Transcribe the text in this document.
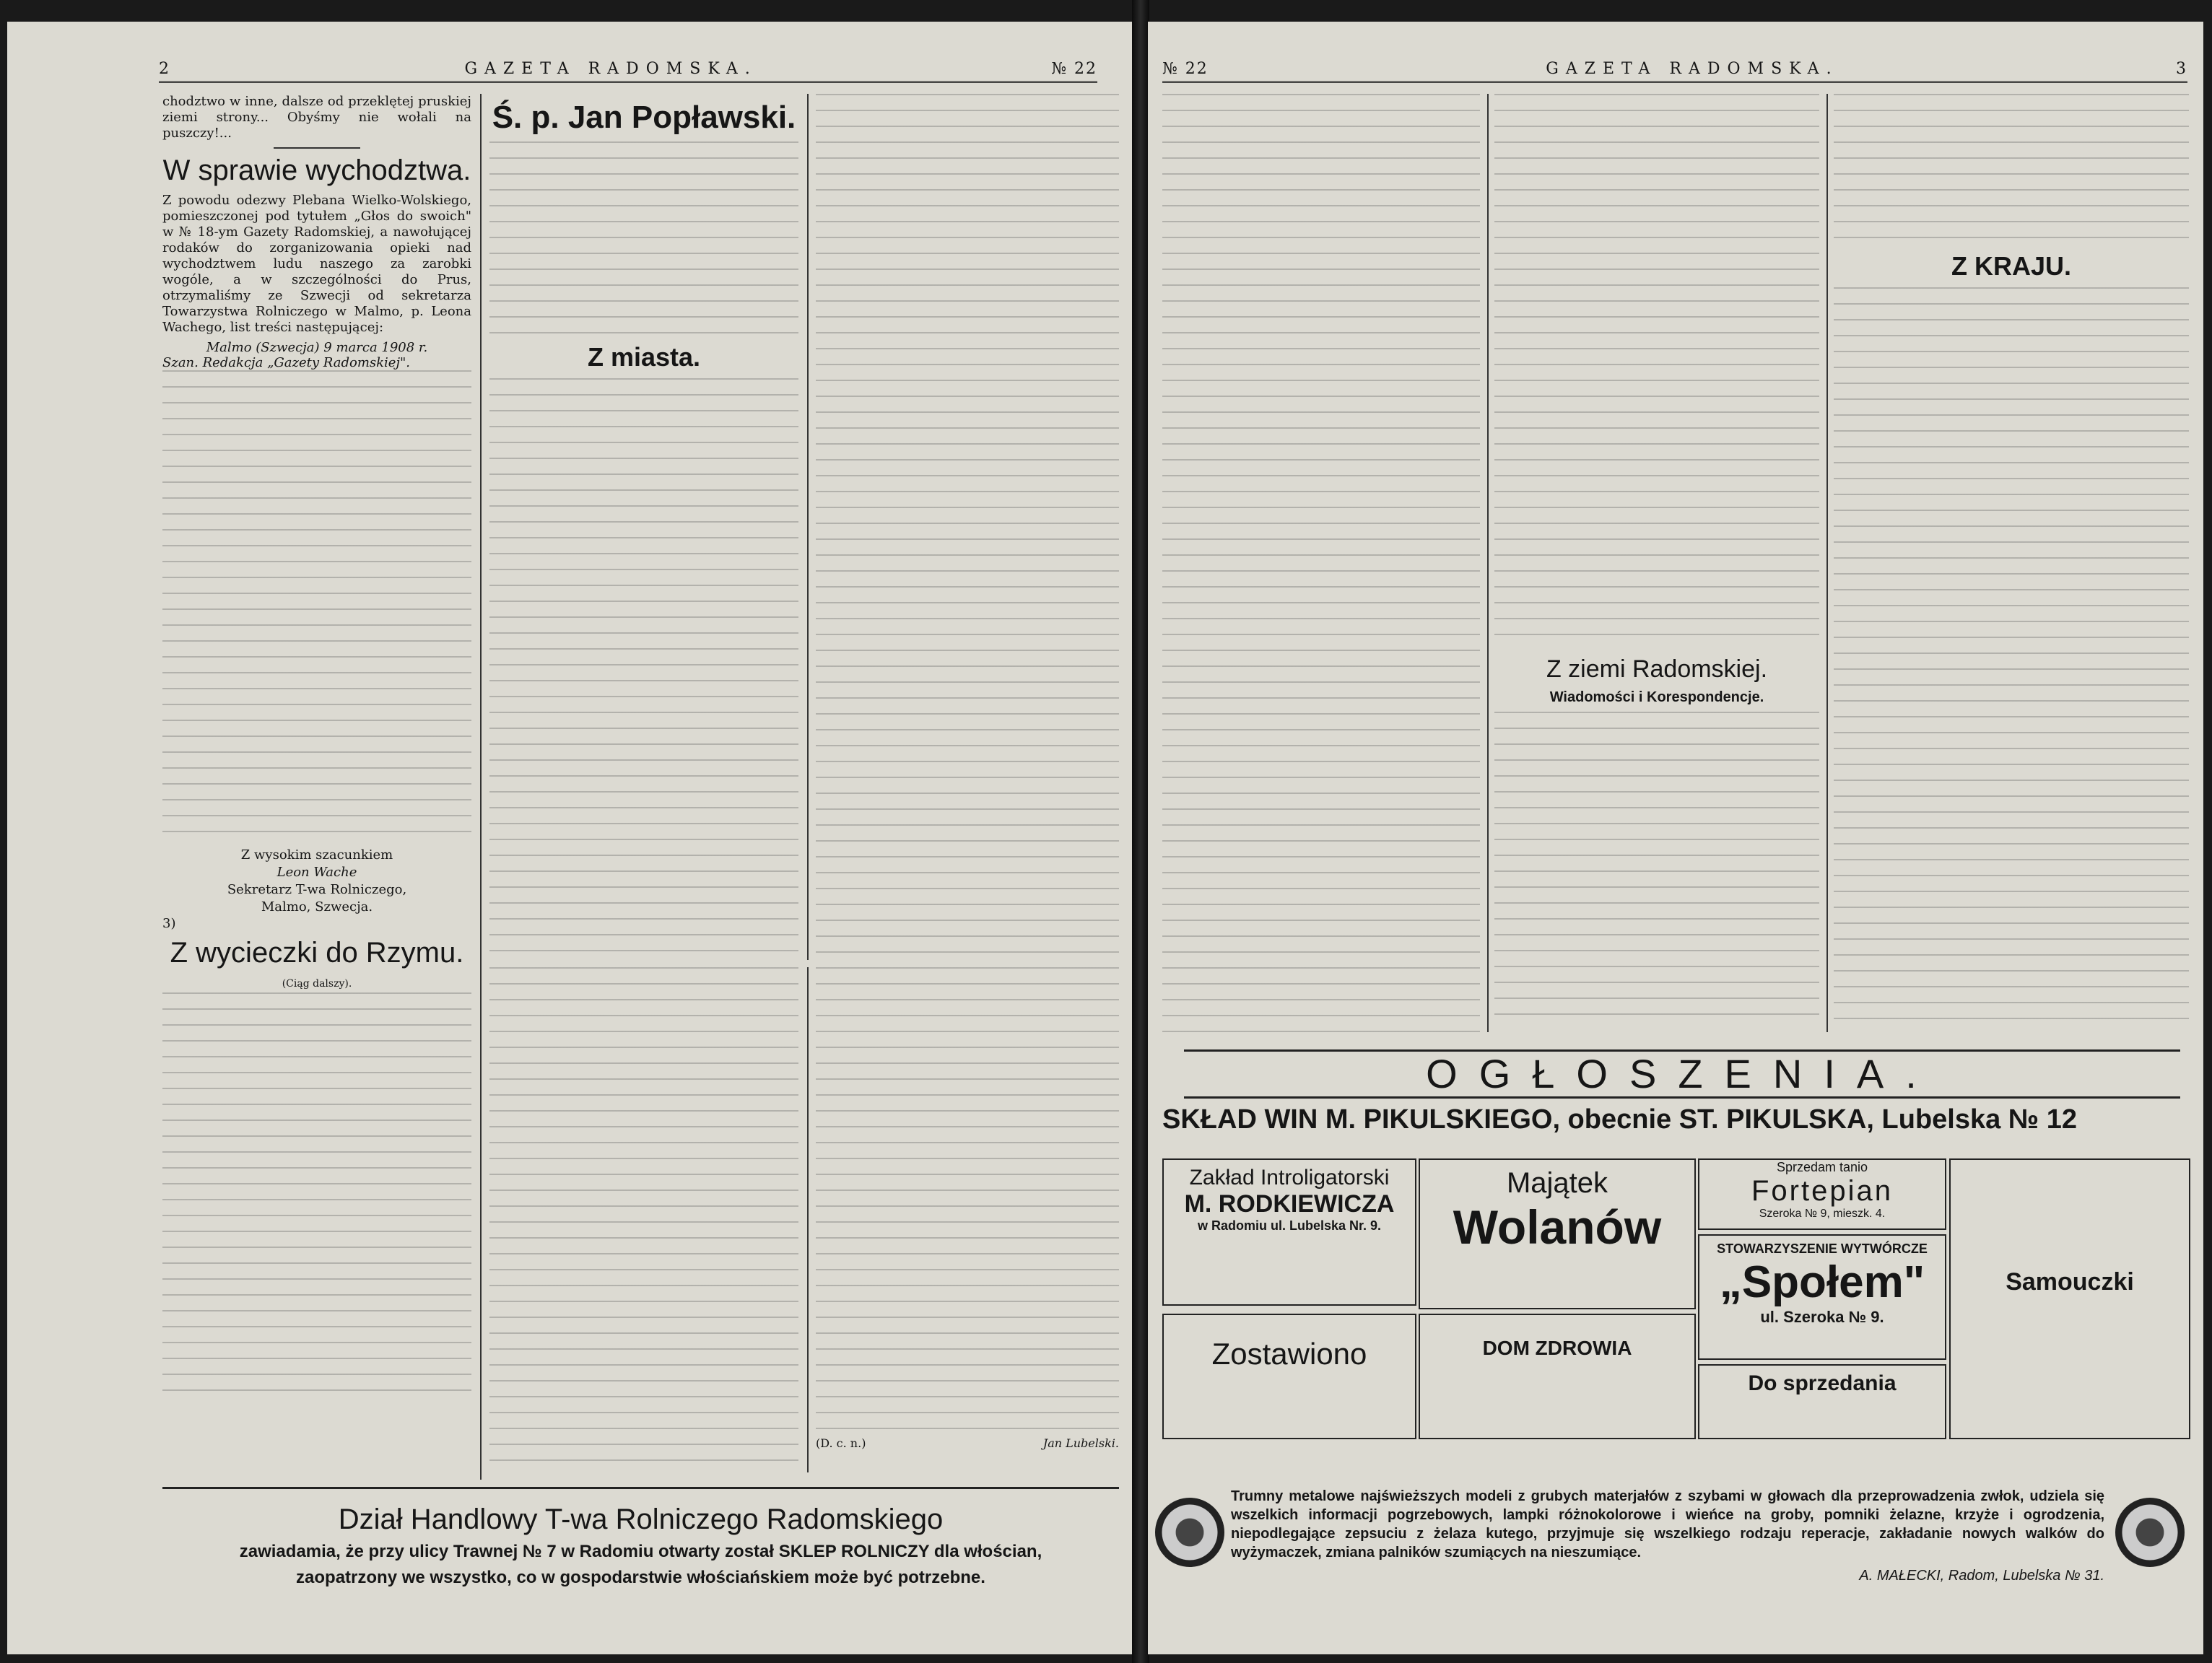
2	GAZETA RADOMSKA.	№ 22

chodztwo w inne, dalsze od przeklętej pruskiej ziemi strony... Obyśmy nie wołali na puszczy!...

W sprawie wychodztwa.

Z powodu odezwy Plebana Wielko-Wolskiego, pomieszczonej pod tytułem „Głos do swoich" w № 18-ym Gazety Radomskiej, a nawołującej rodaków do zorganizowania opieki nad wychodztwem ludu naszego za zarobki wogóle, a w szczególności do Prus, otrzymaliśmy ze Szwecji od sekretarza Towarzystwa Rolniczego w Malmo, p. Leona Wachego, list treści następującej:

Malmo (Szwecja) 9 marca 1908 r.
Szan. Redakcja „Gazety Radomskiej".
Z wysokim szacunkiem
Leon Wache
Sekretarz T-wa Rolniczego,
Malmo, Szwecja.
3)
Z wycieczki do Rzymu.
(Ciąg dalszy).
Ś. p. Jan Popławski.
Z miasta.
(D. c. n.)	Jan Lubelski.
Dział Handlowy T-wa Rolniczego Radomskiego
zawiadamia, że przy ulicy Trawnej № 7 w Radomiu otwarty został SKLEP ROLNICZY dla włościan,
zaopatrzony we wszystko, co w gospodarstwie włościańskiem może być potrzebne.
№ 22	GAZETA RADOMSKA.	3
Z ziemi Radomskiej.
Wiadomości i Korespondencje.
Z KRAJU.
OGŁOSZENIA.
SKŁAD WIN M. PIKULSKIEGO, obecnie ST. PIKULSKA, Lubelska № 12
Zakład Introligatorski
M. RODKIEWICZA
w Radomiu ul. Lubelska Nr. 9.
Zostawiono
Majątek
Wolanów
DOM ZDROWIA
Sprzedam tanio
Fortepian
Szeroka № 9, mieszk. 4.
STOWARZYSZENIE WYTWÓRCZE
„Społem"
ul. Szeroka № 9.
Do sprzedania
Samouczki
Trumny metalowe najświeższych modeli z grubych materjałów z szybami w głowach dla przeprowadzenia zwłok, udziela się wszelkich informacji pogrzebowych, lampki różnokolorowe i wieńce na groby, pomniki żelazne, krzyże i ogrodzenia, niepodlegające zepsuciu z żelaza kutego, przyjmuje się wszelkiego rodzaju reperacje, zakładanie nowych walków do wyżymaczek, zmiana palników szumiących na nieszumiące.
A. MAŁECKI, Radom, Lubelska № 31.
